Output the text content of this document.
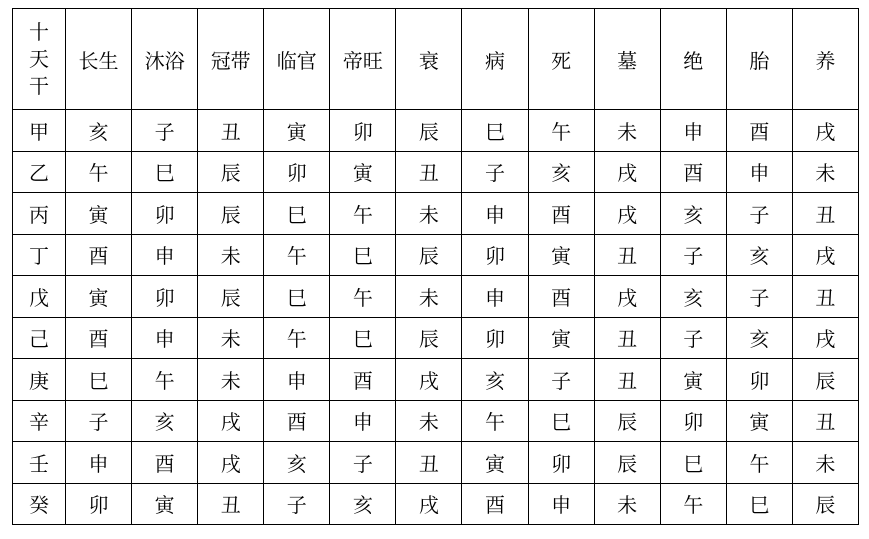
十
天
干	长生	沐浴	冠带	临官	帝旺	衰	病	死	墓	绝	胎	养
甲	亥	子	丑	寅	卯	辰	巳	午	未	申	酉	戌
乙	午	巳	辰	卯	寅	丑	子	亥	戌	酉	申	未
丙	寅	卯	辰	巳	午	未	申	酉	戌	亥	子	丑
丁	酉	申	未	午	巳	辰	卯	寅	丑	子	亥	戌
戊	寅	卯	辰	巳	午	未	申	酉	戌	亥	子	丑
己	酉	申	未	午	巳	辰	卯	寅	丑	子	亥	戌
庚	巳	午	未	申	酉	戌	亥	子	丑	寅	卯	辰
辛	子	亥	戌	酉	申	未	午	巳	辰	卯	寅	丑
壬	申	酉	戌	亥	子	丑	寅	卯	辰	巳	午	未
癸	卯	寅	丑	子	亥	戌	酉	申	未	午	巳	辰
